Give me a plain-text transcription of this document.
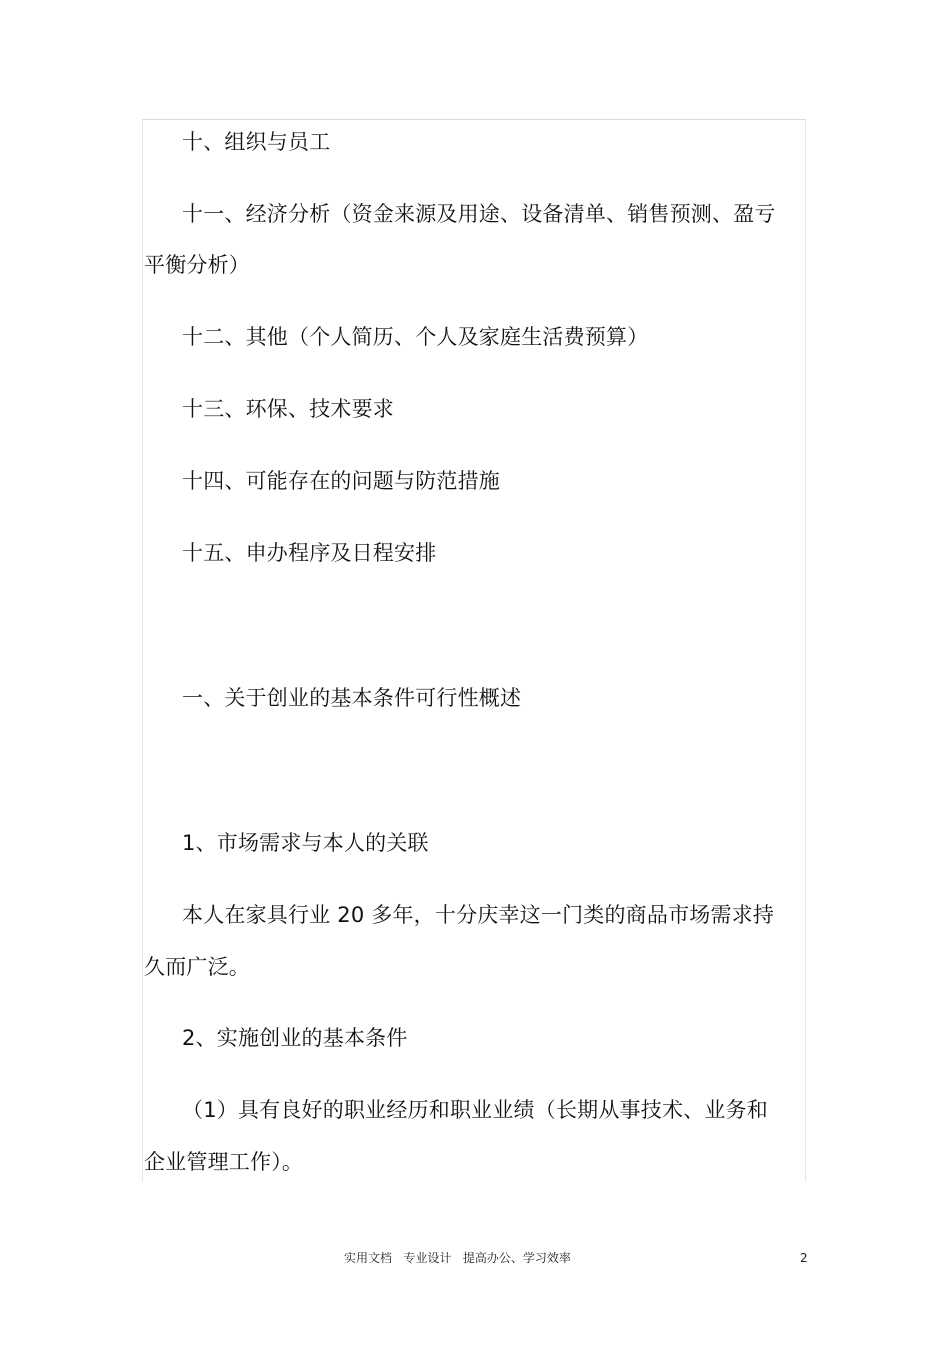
十、组织与员工
十一、经济分析（资金来源及用途、设备清单、销售预测、盈亏
平衡分析）
十二、其他（个人简历、个人及家庭生活费预算）
十三、环保、技术要求
十四、可能存在的问题与防范措施
十五、申办程序及日程安排
一、关于创业的基本条件可行性概述
1、市场需求与本人的关联
本人在家具行业 20 多年，十分庆幸这一门类的商品市场需求持
久而广泛。
2、实施创业的基本条件
（1）具有良好的职业经历和职业业绩（长期从事技术、业务和
企业管理工作）。
实用文档   专业设计   提高办公、学习效率	2
